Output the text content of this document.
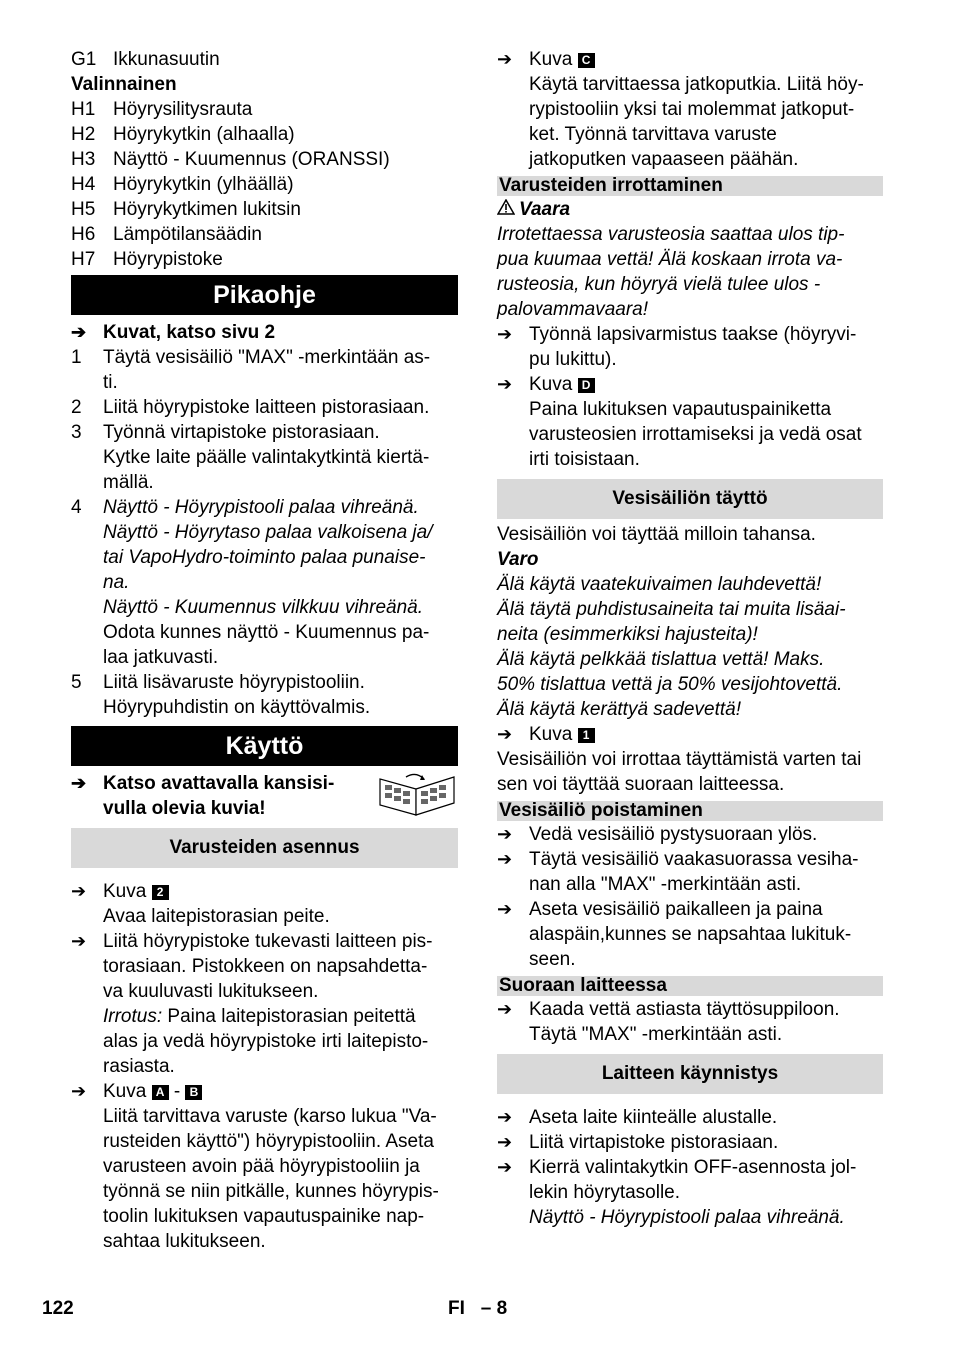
G1 Ikkunasuutin
Valinnainen
H1 Höyrysilitysrauta
H2 Höyrykytkin (alhaalla)
H3 Näyttö - Kuumennus (ORANSSI)
H4 Höyrykytkin (ylhäällä)
H5 Höyrykytkimen lukitsin
H6 Lämpötilansäädin
H7 Höyrypistoke
Pikaohje
➔ Kuvat, katso sivu 2
1	Täytä vesisäiliö "MAX" -merkintään as-
ti.
2	Liitä höyrypistoke laitteen pistorasiaan.
3	Työnnä virtapistoke pistorasiaan.
Kytke laite päälle valintakytkintä kiertä-
mällä.
4	Näyttö - Höyrypistooli palaa vihreänä.
Näyttö - Höyrytaso palaa valkoisena ja/
tai VapoHydro-toiminto palaa punaise-
na.
Näyttö - Kuumennus vilkkuu vihreänä.
Odota kunnes näyttö - Kuumennus pa-
laa jatkuvasti.
5	Liitä lisävaruste höyrypistooliin.
Höyrypuhdistin on käyttövalmis.
Käyttö
➔ Katso avattavalla kansisi-
vulla olevia kuvia!
Varusteiden asennus
➔ Kuva 2
Avaa laitepistorasian peite.
➔ Liitä höyrypistoke tukevasti laitteen pis-
torasiaan. Pistokkeen on napsahdetta-
va kuuluvasti lukitukseen.
Irrotus: Paina laitepistorasian peitettä
alas ja vedä höyrypistoke irti laitepisto-
rasiasta.
➔ Kuva A - B
Liitä tarvittava varuste (karso lukua "Va-
rusteiden käyttö") höyrypistooliin. Aseta
varusteen avoin pää höyrypistooliin ja
työnnä se niin pitkälle, kunnes höyrypis-
toolin lukituksen vapautuspainike nap-
sahtaa lukitukseen.
➔ Kuva C
Käytä tarvittaessa jatkoputkia. Liitä höy-
rypistooliin yksi tai molemmat jatkoput-
ket. Työnnä tarvittava varuste
jatkoputken vapaaseen päähän.
Varusteiden irrottaminen
Vaara
Irrotettaessa varusteosia saattaa ulos tip-
pua kuumaa vettä! Älä koskaan irrota va-
rusteosia, kun höyryä vielä tulee ulos -
palovammavaara!
➔ Työnnä lapsivarmistus taakse (höyryvi-
pu lukittu).
➔ Kuva D
Paina lukituksen vapautuspainiketta
varusteosien irrottamiseksi ja vedä osat
irti toisistaan.
Vesisäiliön täyttö
Vesisäiliön voi täyttää milloin tahansa.
Varo
Älä käytä vaatekuivaimen lauhdevettä!
Älä täytä puhdistusaineita tai muita lisäai-
neita (esimmerkiksi hajusteita)!
Älä käytä pelkkää tislattua vettä! Maks.
50% tislattua vettä ja 50% vesijohtovettä.
Älä käytä kerättyä sadevettä!
➔ Kuva 1
Vesisäiliön voi irrottaa täyttämistä varten tai
sen voi täyttää suoraan laitteessa.
Vesisäiliö poistaminen
➔ Vedä vesisäiliö pystysuoraan ylös.
➔ Täytä vesisäiliö vaakasuorassa vesiha-
nan alla "MAX" -merkintään asti.
➔ Aseta vesisäiliö paikalleen ja paina
alaspäin,kunnes se napsahtaa lukituk-
seen.
Suoraan laitteessa
➔ Kaada vettä astiasta täyttösuppiloon.
Täytä "MAX" -merkintään asti.
Laitteen käynnistys
➔ Aseta laite kiinteälle alustalle.
➔ Liitä virtapistoke pistorasiaan.
➔ Kierrä valintakytkin OFF-asennosta jol-
lekin höyrytasolle.
Näyttö - Höyrypistooli palaa vihreänä.
122	FI   – 8
